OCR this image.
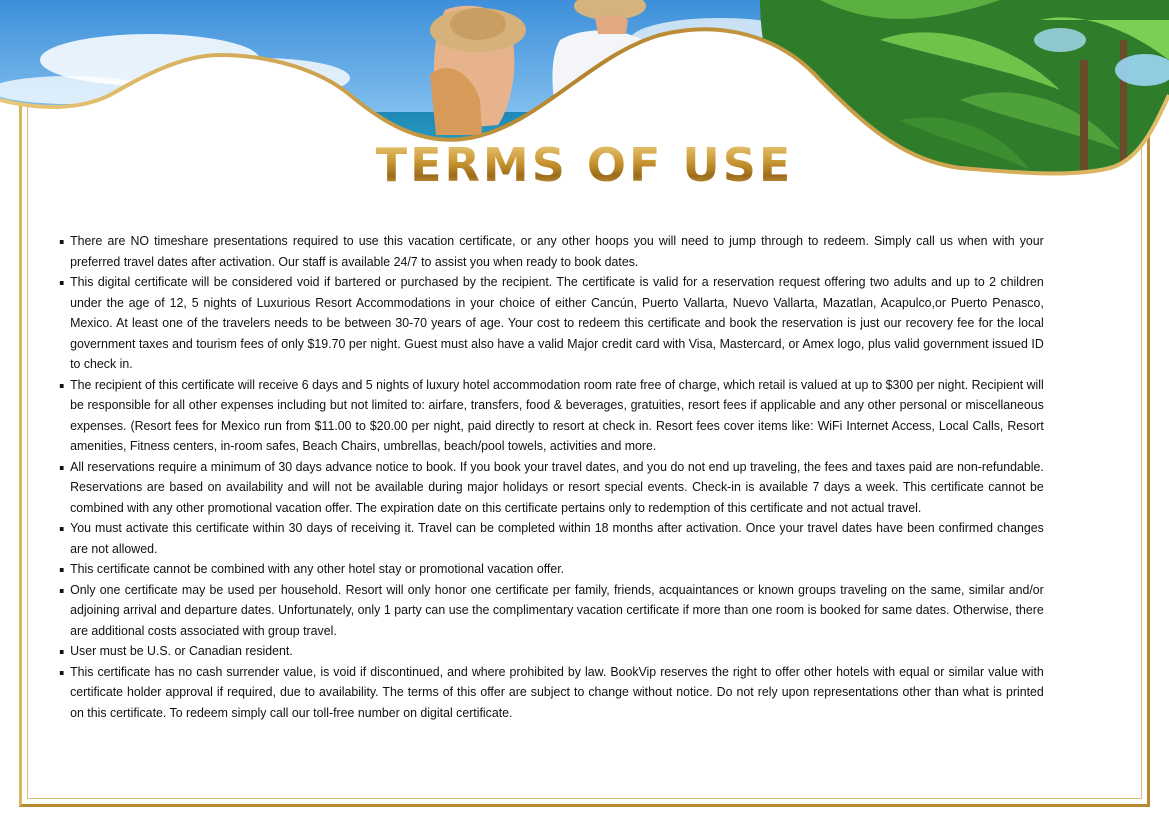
TERMS OF USE
There are NO timeshare presentations required to use this vacation certificate, or any other hoops you will need to jump through to redeem. Simply call us when with your preferred travel dates after activation. Our staff is available 24/7 to assist you when ready to book dates.
This digital certificate will be considered void if bartered or purchased by the recipient. The certificate is valid for a reservation request offering two adults and up to 2 children under the age of 12, 5 nights of Luxurious Resort Accommodations in your choice of either Cancún, Puerto Vallarta, Nuevo Vallarta, Mazatlan, Acapulco,or Puerto Penasco, Mexico. At least one of the travelers needs to be between 30-70 years of age. Your cost to redeem this certificate and book the reservation is just our recovery fee for the local government taxes and tourism fees of only $19.70 per night. Guest must also have a valid Major credit card with Visa, Mastercard, or Amex logo, plus valid government issued ID to check in.
The recipient of this certificate will receive 6 days and 5 nights of luxury hotel accommodation room rate free of charge, which retail is valued at up to $300 per night. Recipient will be responsible for all other expenses including but not limited to: airfare, transfers, food & beverages, gratuities, resort fees if applicable and any other personal or miscellaneous expenses. (Resort fees for Mexico run from $11.00 to $20.00 per night, paid directly to resort at check in. Resort fees cover items like: WiFi Internet Access, Local Calls, Resort amenities, Fitness centers, in-room safes, Beach Chairs, umbrellas, beach/pool towels, activities and more.
All reservations require a minimum of 30 days advance notice to book. If you book your travel dates, and you do not end up traveling, the fees and taxes paid are non-refundable. Reservations are based on availability and will not be available during major holidays or resort special events. Check-in is available 7 days a week. This certificate cannot be combined with any other promotional vacation offer. The expiration date on this certificate pertains only to redemption of this certificate and not actual travel.
You must activate this certificate within 30 days of receiving it. Travel can be completed within 18 months after activation. Once your travel dates have been confirmed changes are not allowed.
This certificate cannot be combined with any other hotel stay or promotional vacation offer.
Only one certificate may be used per household. Resort will only honor one certificate per family, friends, acquaintances or known groups traveling on the same, similar and/or adjoining arrival and departure dates. Unfortunately, only 1 party can use the complimentary vacation certificate if more than one room is booked for same dates. Otherwise, there are additional costs associated with group travel.
User must be U.S. or Canadian resident.
This certificate has no cash surrender value, is void if discontinued, and where prohibited by law. BookVip reserves the right to offer other hotels with equal or similar value with certificate holder approval if required, due to availability. The terms of this offer are subject to change without notice. Do not rely upon representations other than what is printed on this certificate. To redeem simply call our toll-free number on digital certificate.
